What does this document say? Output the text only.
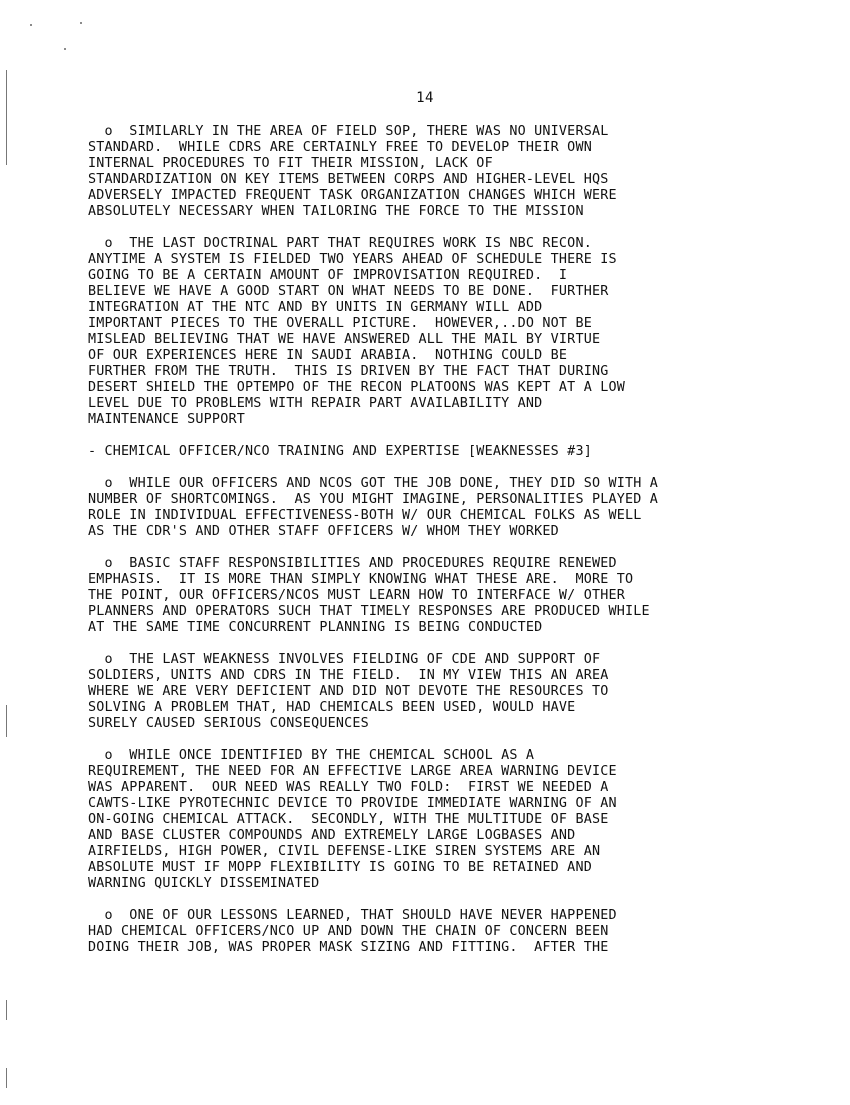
14

o  SIMILARLY IN THE AREA OF FIELD SOP, THERE WAS NO UNIVERSAL
STANDARD.  WHILE CDRS ARE CERTAINLY FREE TO DEVELOP THEIR OWN
INTERNAL PROCEDURES TO FIT THEIR MISSION, LACK OF
STANDARDIZATION ON KEY ITEMS BETWEEN CORPS AND HIGHER-LEVEL HQS
ADVERSELY IMPACTED FREQUENT TASK ORGANIZATION CHANGES WHICH WERE
ABSOLUTELY NECESSARY WHEN TAILORING THE FORCE TO THE MISSION

o  THE LAST DOCTRINAL PART THAT REQUIRES WORK IS NBC RECON.
ANYTIME A SYSTEM IS FIELDED TWO YEARS AHEAD OF SCHEDULE THERE IS
GOING TO BE A CERTAIN AMOUNT OF IMPROVISATION REQUIRED.  I
BELIEVE WE HAVE A GOOD START ON WHAT NEEDS TO BE DONE.  FURTHER
INTEGRATION AT THE NTC AND BY UNITS IN GERMANY WILL ADD
IMPORTANT PIECES TO THE OVERALL PICTURE.  HOWEVER,..DO NOT BE
MISLEAD BELIEVING THAT WE HAVE ANSWERED ALL THE MAIL BY VIRTUE
OF OUR EXPERIENCES HERE IN SAUDI ARABIA.  NOTHING COULD BE
FURTHER FROM THE TRUTH.  THIS IS DRIVEN BY THE FACT THAT DURING
DESERT SHIELD THE OPTEMPO OF THE RECON PLATOONS WAS KEPT AT A LOW
LEVEL DUE TO PROBLEMS WITH REPAIR PART AVAILABILITY AND
MAINTENANCE SUPPORT

- CHEMICAL OFFICER/NCO TRAINING AND EXPERTISE [WEAKNESSES #3]

o  WHILE OUR OFFICERS AND NCOS GOT THE JOB DONE, THEY DID SO WITH A
NUMBER OF SHORTCOMINGS.  AS YOU MIGHT IMAGINE, PERSONALITIES PLAYED A
ROLE IN INDIVIDUAL EFFECTIVENESS-BOTH W/ OUR CHEMICAL FOLKS AS WELL
AS THE CDR'S AND OTHER STAFF OFFICERS W/ WHOM THEY WORKED

o  BASIC STAFF RESPONSIBILITIES AND PROCEDURES REQUIRE RENEWED
EMPHASIS.  IT IS MORE THAN SIMPLY KNOWING WHAT THESE ARE.  MORE TO
THE POINT, OUR OFFICERS/NCOS MUST LEARN HOW TO INTERFACE W/ OTHER
PLANNERS AND OPERATORS SUCH THAT TIMELY RESPONSES ARE PRODUCED WHILE
AT THE SAME TIME CONCURRENT PLANNING IS BEING CONDUCTED

o  THE LAST WEAKNESS INVOLVES FIELDING OF CDE AND SUPPORT OF
SOLDIERS, UNITS AND CDRS IN THE FIELD.  IN MY VIEW THIS AN AREA
WHERE WE ARE VERY DEFICIENT AND DID NOT DEVOTE THE RESOURCES TO
SOLVING A PROBLEM THAT, HAD CHEMICALS BEEN USED, WOULD HAVE
SURELY CAUSED SERIOUS CONSEQUENCES

o  WHILE ONCE IDENTIFIED BY THE CHEMICAL SCHOOL AS A
REQUIREMENT, THE NEED FOR AN EFFECTIVE LARGE AREA WARNING DEVICE
WAS APPARENT.  OUR NEED WAS REALLY TWO FOLD:  FIRST WE NEEDED A
CAWTS-LIKE PYROTECHNIC DEVICE TO PROVIDE IMMEDIATE WARNING OF AN
ON-GOING CHEMICAL ATTACK.  SECONDLY, WITH THE MULTITUDE OF BASE
AND BASE CLUSTER COMPOUNDS AND EXTREMELY LARGE LOGBASES AND
AIRFIELDS, HIGH POWER, CIVIL DEFENSE-LIKE SIREN SYSTEMS ARE AN
ABSOLUTE MUST IF MOPP FLEXIBILITY IS GOING TO BE RETAINED AND
WARNING QUICKLY DISSEMINATED

o  ONE OF OUR LESSONS LEARNED, THAT SHOULD HAVE NEVER HAPPENED
HAD CHEMICAL OFFICERS/NCO UP AND DOWN THE CHAIN OF CONCERN BEEN
DOING THEIR JOB, WAS PROPER MASK SIZING AND FITTING.  AFTER THE
